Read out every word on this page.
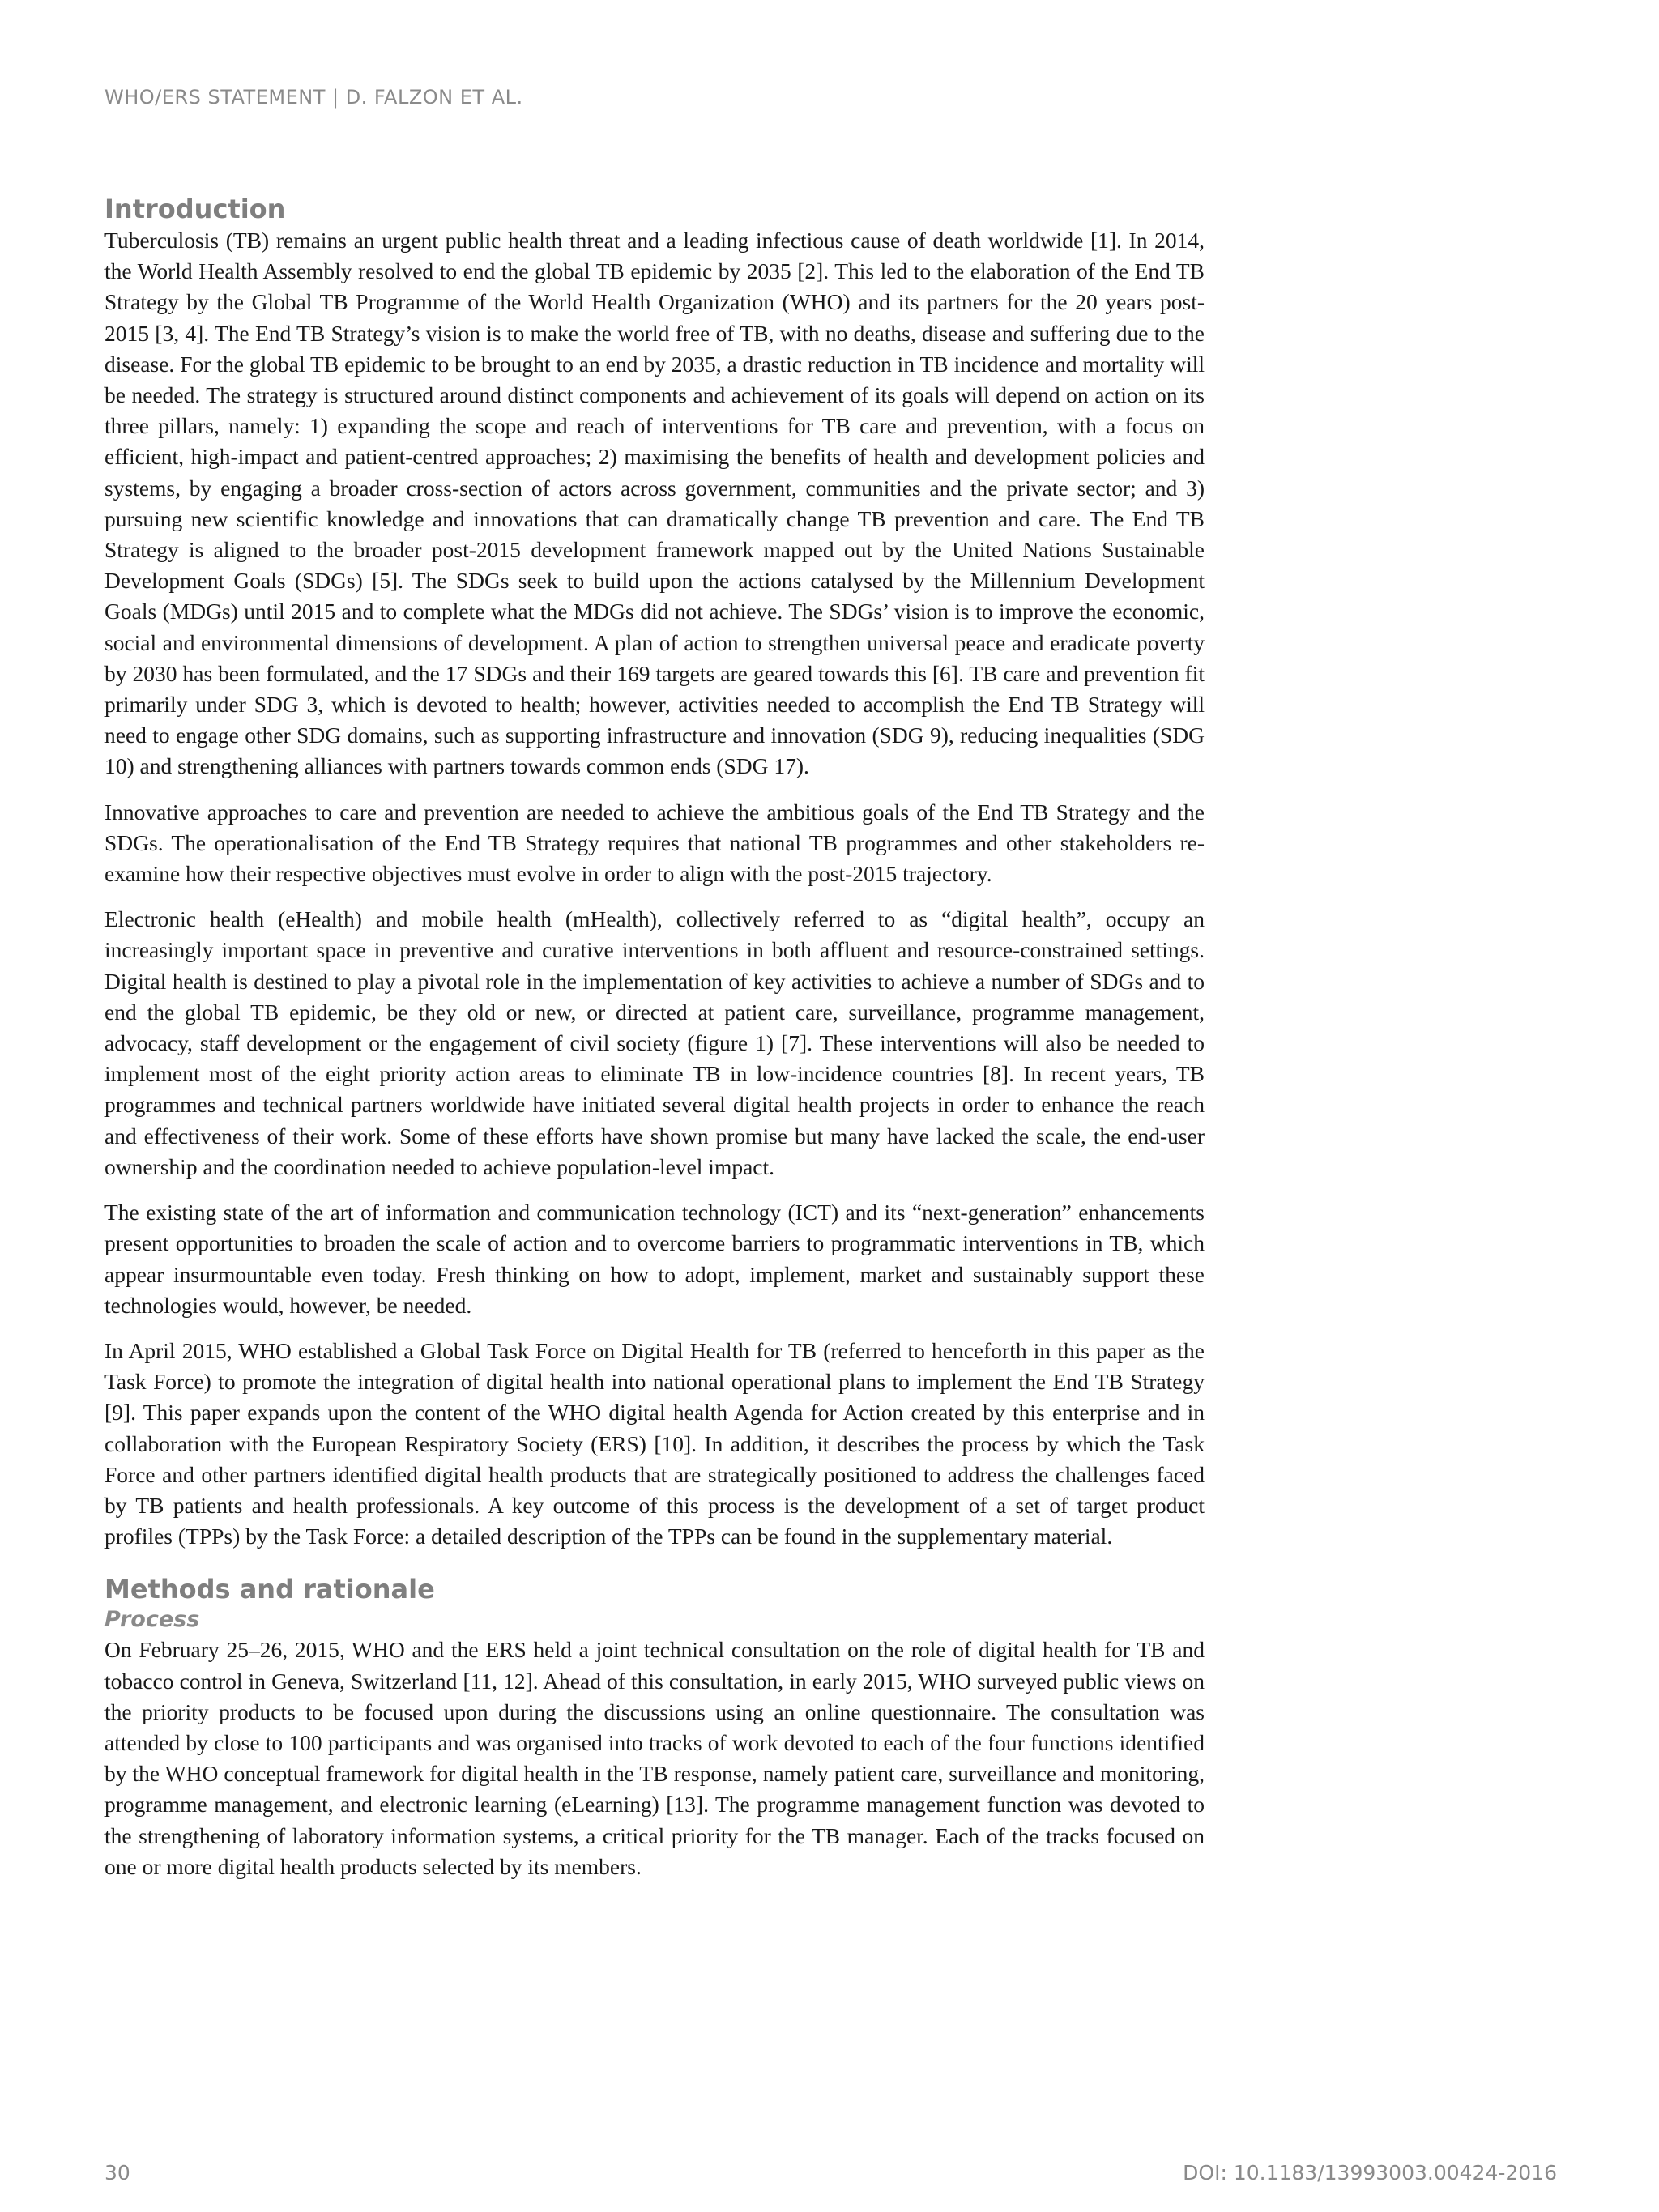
WHO/ERS STATEMENT | D. FALZON ET AL.
Introduction

Tuberculosis (TB) remains an urgent public health threat and a leading infectious cause of death worldwide [1]. In 2014, the World Health Assembly resolved to end the global TB epidemic by 2035 [2]. This led to the elaboration of the End TB Strategy by the Global TB Programme of the World Health Organization (WHO) and its partners for the 20 years post-2015 [3, 4]. The End TB Strategy’s vision is to make the world free of TB, with no deaths, disease and suffering due to the disease. For the global TB epidemic to be brought to an end by 2035, a drastic reduction in TB incidence and mortality will be needed. The strategy is structured around distinct components and achievement of its goals will depend on action on its three pillars, namely: 1) expanding the scope and reach of interventions for TB care and prevention, with a focus on efficient, high-impact and patient-centred approaches; 2) maximising the benefits of health and development policies and systems, by engaging a broader cross-section of actors across government, communities and the private sector; and 3) pursuing new scientific knowledge and innovations that can dramatically change TB prevention and care. The End TB Strategy is aligned to the broader post-2015 development framework mapped out by the United Nations Sustainable Development Goals (SDGs) [5]. The SDGs seek to build upon the actions catalysed by the Millennium Development Goals (MDGs) until 2015 and to complete what the MDGs did not achieve. The SDGs’ vision is to improve the economic, social and environmental dimensions of development. A plan of action to strengthen universal peace and eradicate poverty by 2030 has been formulated, and the 17 SDGs and their 169 targets are geared towards this [6]. TB care and prevention fit primarily under SDG 3, which is devoted to health; however, activities needed to accomplish the End TB Strategy will need to engage other SDG domains, such as supporting infrastructure and innovation (SDG 9), reducing inequalities (SDG 10) and strengthening alliances with partners towards common ends (SDG 17).

Innovative approaches to care and prevention are needed to achieve the ambitious goals of the End TB Strategy and the SDGs. The operationalisation of the End TB Strategy requires that national TB programmes and other stakeholders re-examine how their respective objectives must evolve in order to align with the post-2015 trajectory.

Electronic health (eHealth) and mobile health (mHealth), collectively referred to as “digital health”, occupy an increasingly important space in preventive and curative interventions in both affluent and resource-constrained settings. Digital health is destined to play a pivotal role in the implementation of key activities to achieve a number of SDGs and to end the global TB epidemic, be they old or new, or directed at patient care, surveillance, programme management, advocacy, staff development or the engagement of civil society (figure 1) [7]. These interventions will also be needed to implement most of the eight priority action areas to eliminate TB in low-incidence countries [8]. In recent years, TB programmes and technical partners worldwide have initiated several digital health projects in order to enhance the reach and effectiveness of their work. Some of these efforts have shown promise but many have lacked the scale, the end-user ownership and the coordination needed to achieve population-level impact.

The existing state of the art of information and communication technology (ICT) and its “next-generation” enhancements present opportunities to broaden the scale of action and to overcome barriers to programmatic interventions in TB, which appear insurmountable even today. Fresh thinking on how to adopt, implement, market and sustainably support these technologies would, however, be needed.

In April 2015, WHO established a Global Task Force on Digital Health for TB (referred to henceforth in this paper as the Task Force) to promote the integration of digital health into national operational plans to implement the End TB Strategy [9]. This paper expands upon the content of the WHO digital health Agenda for Action created by this enterprise and in collaboration with the European Respiratory Society (ERS) [10]. In addition, it describes the process by which the Task Force and other partners identified digital health products that are strategically positioned to address the challenges faced by TB patients and health professionals. A key outcome of this process is the development of a set of target product profiles (TPPs) by the Task Force: a detailed description of the TPPs can be found in the supplementary material.

Methods and rationale
Process

On February 25–26, 2015, WHO and the ERS held a joint technical consultation on the role of digital health for TB and tobacco control in Geneva, Switzerland [11, 12]. Ahead of this consultation, in early 2015, WHO surveyed public views on the priority products to be focused upon during the discussions using an online questionnaire. The consultation was attended by close to 100 participants and was organised into tracks of work devoted to each of the four functions identified by the WHO conceptual framework for digital health in the TB response, namely patient care, surveillance and monitoring, programme management, and electronic learning (eLearning) [13]. The programme management function was devoted to the strengthening of laboratory information systems, a critical priority for the TB manager. Each of the tracks focused on one or more digital health products selected by its members.

30	DOI: 10.1183/13993003.00424-2016
